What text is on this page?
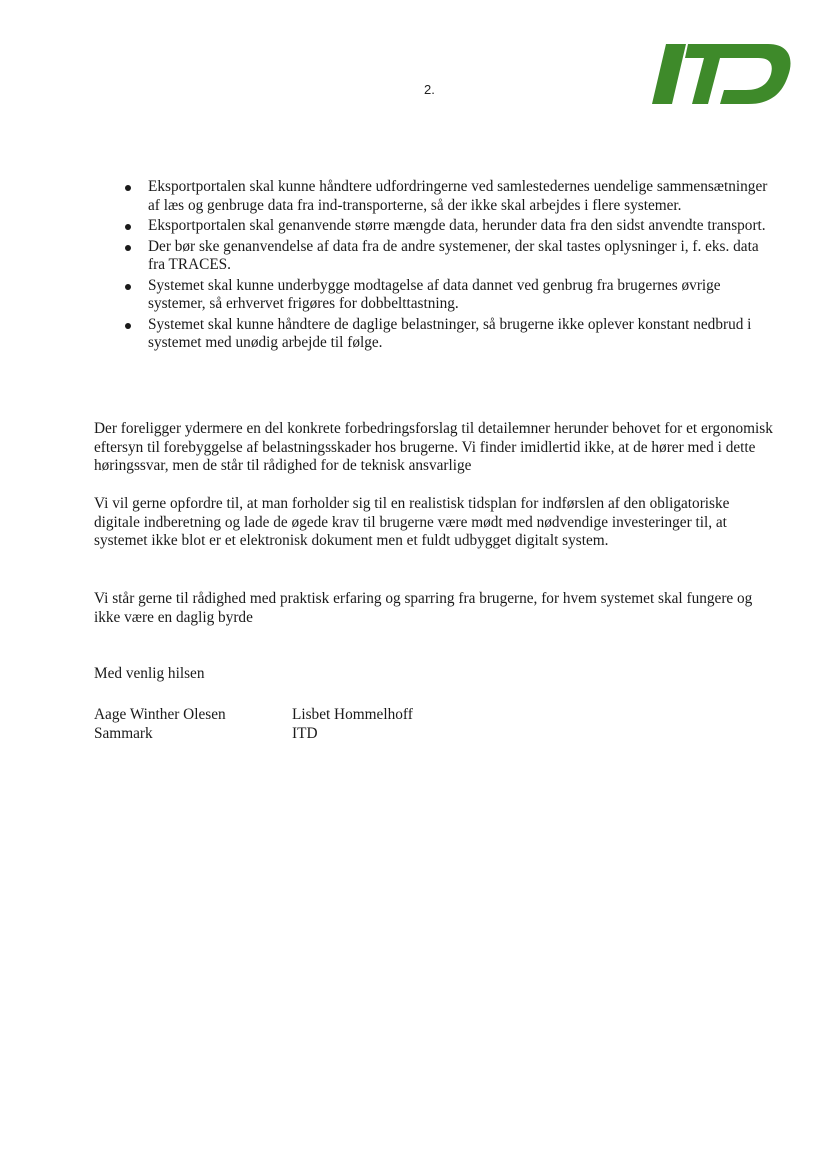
2.
Eksportportalen skal kunne håndtere udfordringerne ved samlestedernes uendelige sammensætninger af læs og genbruge data fra ind-transporterne, så der ikke skal arbejdes i flere systemer.
Eksportportalen skal genanvende større mængde data, herunder data fra den sidst anvendte transport.
Der bør ske genanvendelse af data fra de andre systemener, der skal tastes oplysninger i, f. eks. data fra TRACES.
Systemet skal kunne underbygge modtagelse af data dannet ved genbrug fra brugernes øvrige systemer, så erhvervet frigøres for dobbelttastning.
Systemet skal kunne håndtere de daglige belastninger, så brugerne ikke oplever konstant nedbrud i systemet med unødig arbejde til følge.

Der foreligger ydermere en del konkrete forbedringsforslag til detailemner herunder behovet for et ergonomisk eftersyn til forebyggelse af belastningsskader hos brugerne. Vi finder imidlertid ikke, at de hører med i dette høringssvar, men de står til rådighed for de teknisk ansvarlige

Vi vil gerne opfordre til, at man forholder sig til en realistisk tidsplan for indførslen af den obligatoriske digitale indberetning og lade de øgede krav til brugerne være mødt med nødvendige investeringer til, at systemet ikke blot er et elektronisk dokument men et fuldt udbygget digitalt system.

Vi står gerne til rådighed med praktisk erfaring og sparring fra brugerne, for hvem systemet skal fungere og ikke være en daglig byrde

Med venlig hilsen
Aage Winther Olesen
Sammark
Lisbet Hommelhoff
ITD
